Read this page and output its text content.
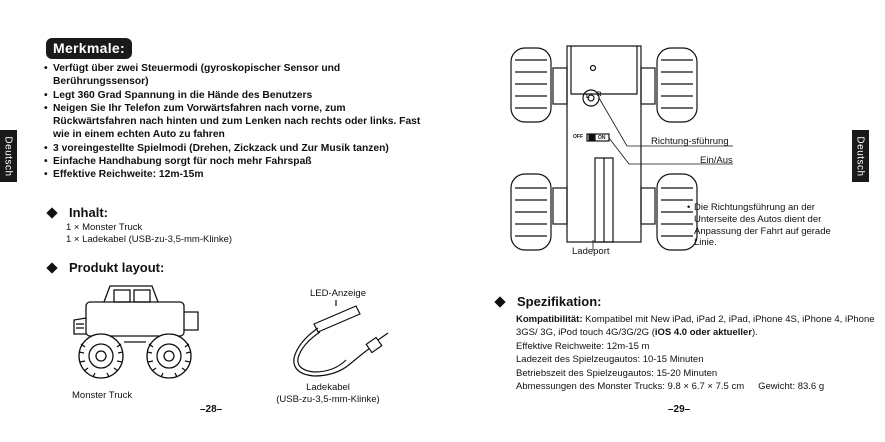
Deutsch	Deutsch
Merkmale:
• Verfügt über zwei Steuermodi (gyroskopischer Sensor und Berührungssensor)
• Legt 360 Grad Spannung in die Hände des Benutzers
• Neigen Sie Ihr Telefon zum Vorwärtsfahren nach vorne, zum Rückwärtsfahren nach hinten und zum Lenken nach rechts oder links. Fast wie in einem echten Auto zu fahren
• 3 voreingestellte Spielmodi (Drehen, Zickzack und Zur Musik tanzen)
• Einfache Handhabung sorgt für noch mehr Fahrspaß
• Effektive Reichweite: 12m-15m
Inhalt:
1 × Monster Truck
1 × Ladekabel (USB-zu-3,5-mm-Klinke)
Produkt layout:
Monster Truck
LED-Anzeige
Ladekabel
(USB-zu-3,5-mm-Klinke)
–28–
L R
OFF	ON	Richtung-sführung
Ein/Aus
Ladeport
• Die Richtungsführung an der Unterseite des Autos dient der Anpassung der Fahrt auf gerade Linie.
Spezifikation:
Kompatibilität: Kompatibel mit New iPad, iPad 2, iPad, iPhone 4S, iPhone 4, iPhone 3GS/ 3G, iPod touch 4G/3G/2G (iOS 4.0 oder aktueller).
Effektive Reichweite: 12m-15 m
Ladezeit des Spielzeugautos: 10-15 Minuten
Betriebszeit des Spielzeugautos: 15-20 Minuten
Abmessungen des Monster Trucks: 9.8 × 6.7 × 7.5 cm Gewicht: 83.6 g
–29–
